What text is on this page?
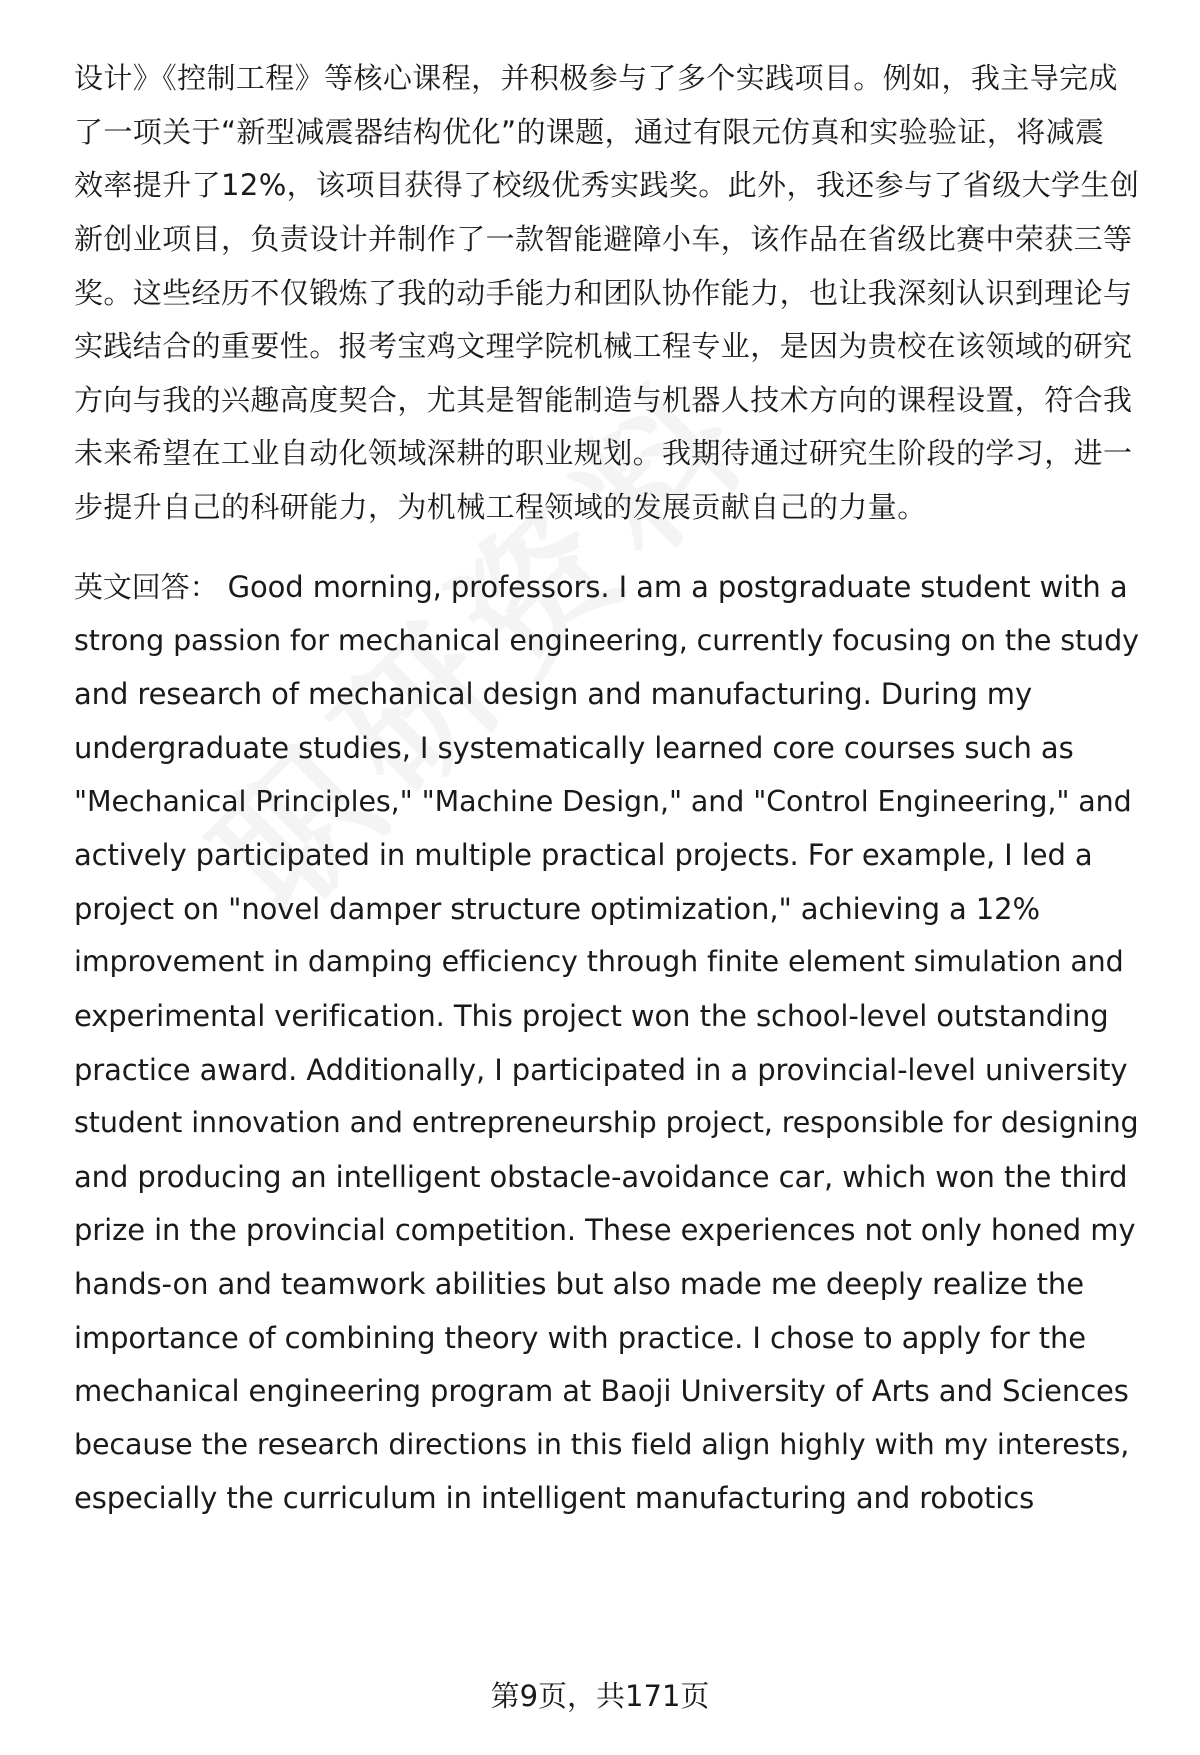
设计》《控制工程》等核心课程，并积极参与了多个实践项目。例如，我主导完成
了一项关于“新型减震器结构优化”的课题，通过有限元仿真和实验验证，将减震
效率提升了12%，该项目获得了校级优秀实践奖。此外，我还参与了省级大学生创
新创业项目，负责设计并制作了一款智能避障小车，该作品在省级比赛中荣获三等
奖。这些经历不仅锻炼了我的动手能力和团队协作能力，也让我深刻认识到理论与
实践结合的重要性。报考宝鸡文理学院机械工程专业，是因为贵校在该领域的研究
方向与我的兴趣高度契合，尤其是智能制造与机器人技术方向的课程设置，符合我
未来希望在工业自动化领域深耕的职业规划。我期待通过研究生阶段的学习，进一
步提升自己的科研能力，为机械工程领域的发展贡献自己的力量。
英文回答： Good morning, professors. I am a postgraduate student with a
strong passion for mechanical engineering, currently focusing on the study
and research of mechanical design and manufacturing. During my
undergraduate studies, I systematically learned core courses such as
"Mechanical Principles," "Machine Design," and "Control Engineering," and
actively participated in multiple practical projects. For example, I led a
project on "novel damper structure optimization," achieving a 12%
improvement in damping efficiency through finite element simulation and
experimental verification. This project won the school-level outstanding
practice award. Additionally, I participated in a provincial-level university
student innovation and entrepreneurship project, responsible for designing
and producing an intelligent obstacle-avoidance car, which won the third
prize in the provincial competition. These experiences not only honed my
hands-on and teamwork abilities but also made me deeply realize the
importance of combining theory with practice. I chose to apply for the
mechanical engineering program at Baoji University of Arts and Sciences
because the research directions in this field align highly with my interests,
especially the curriculum in intelligent manufacturing and robotics
第9页，共171页
